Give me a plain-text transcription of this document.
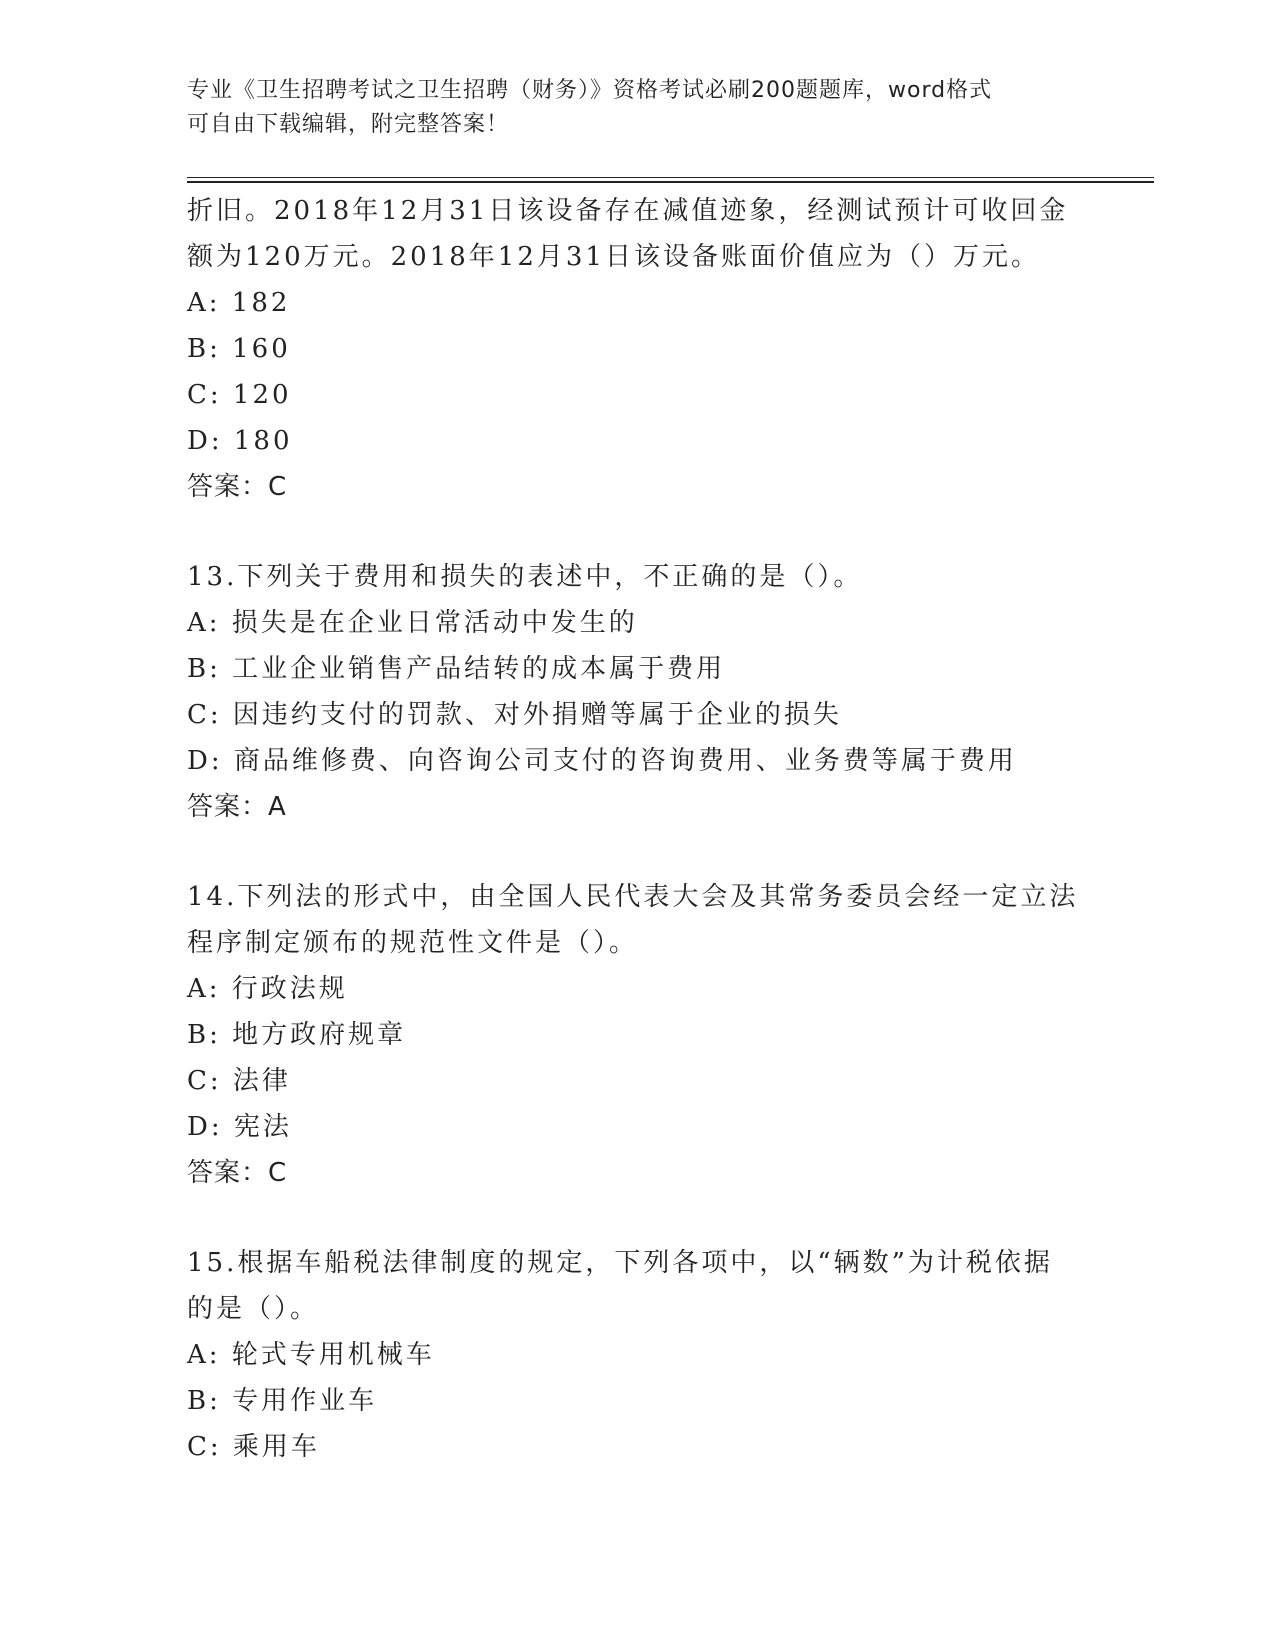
专业《卫生招聘考试之卫生招聘（财务）》资格考试必刷200题题库，word格式
可自由下载编辑，附完整答案！
折旧。2018年12月31日该设备存在减值迹象，经测试预计可收回金
额为120万元。2018年12月31日该设备账面价值应为（）万元。
A: 182
B: 160
C: 120
D: 180
答案：C
13.下列关于费用和损失的表述中，不正确的是（）。
A: 损失是在企业日常活动中发生的
B: 工业企业销售产品结转的成本属于费用
C: 因违约支付的罚款、对外捐赠等属于企业的损失
D: 商品维修费、向咨询公司支付的咨询费用、业务费等属于费用
答案：A
14.下列法的形式中，由全国人民代表大会及其常务委员会经一定立法
程序制定颁布的规范性文件是（）。
A: 行政法规
B: 地方政府规章
C: 法律
D: 宪法
答案：C
15.根据车船税法律制度的规定，下列各项中，以“辆数”为计税依据
的是（）。
A: 轮式专用机械车
B: 专用作业车
C: 乘用车
